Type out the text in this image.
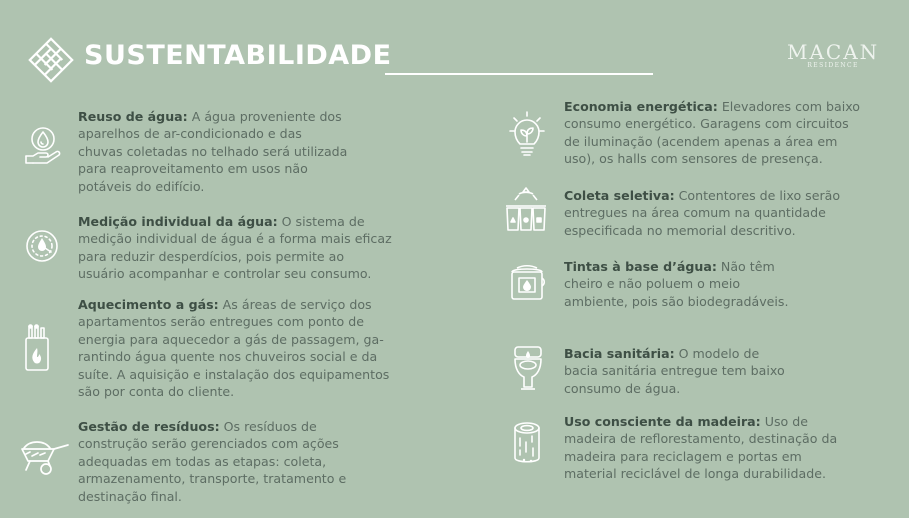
SUSTENTABILIDADE	MACAN
RESIDENCE

Reuso de água: A água proveniente dos
aparelhos de ar-condicionado e das
chuvas coletadas no telhado será utilizada
para reaproveitamento em usos não
potáveis do edifício.

Medição individual da água: O sistema de
medição individual de água é a forma mais eficaz
para reduzir desperdícios, pois permite ao
usuário acompanhar e controlar seu consumo.

Aquecimento a gás: As áreas de serviço dos
apartamentos serão entregues com ponto de
energia para aquecedor a gás de passagem, ga-
rantindo água quente nos chuveiros social e da
suíte. A aquisição e instalação dos equipamentos
são por conta do cliente.

Gestão de resíduos: Os resíduos de
construção serão gerenciados com ações
adequadas em todas as etapas: coleta,
armazenamento, transporte, tratamento e
destinação final.

Economia energética: Elevadores com baixo
consumo energético. Garagens com circuitos
de iluminação (acendem apenas a área em
uso), os halls com sensores de presença.

Coleta seletiva: Contentores de lixo serão
entregues na área comum na quantidade
especificada no memorial descritivo.

Tintas à base d’água: Não têm
cheiro e não poluem o meio
ambiente, pois são biodegradáveis.

Bacia sanitária: O modelo de
bacia sanitária entregue tem baixo
consumo de água.

Uso consciente da madeira: Uso de
madeira de reflorestamento, destinação da
madeira para reciclagem e portas em
material reciclável de longa durabilidade.
